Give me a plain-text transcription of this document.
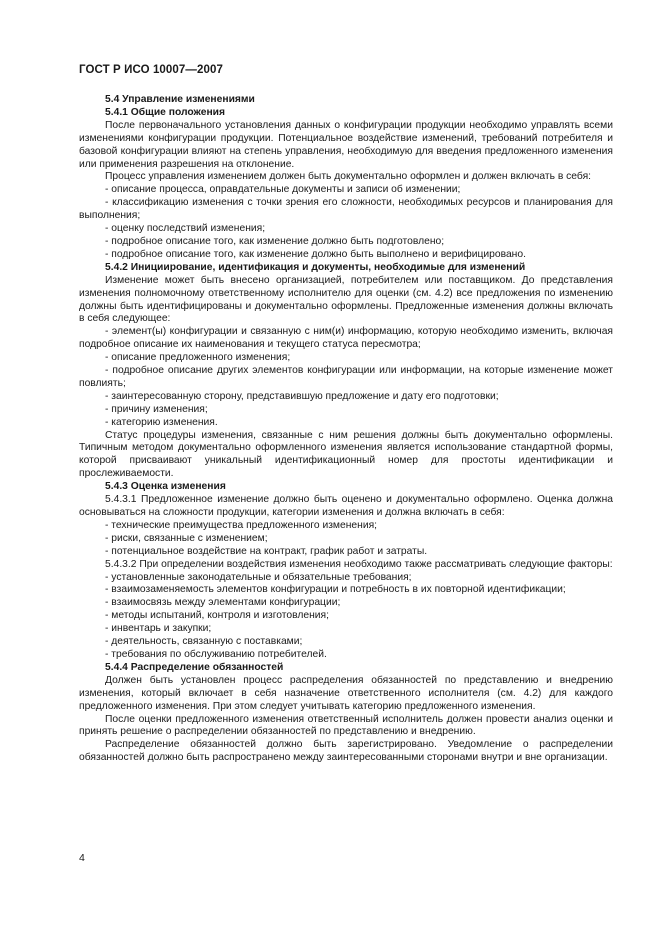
ГОСТ Р ИСО 10007—2007

5.4 Управление изменениями

5.4.1 Общие положения

После первоначального установления данных о конфигурации продукции необходимо управлять всеми изменениями конфигурации продукции. Потенциальное воздействие изменений, требований потребителя и базовой конфигурации влияют на степень управления, необходимую для введения предложенного изменения или применения разрешения на отклонение.

Процесс управления изменением должен быть документально оформлен и должен включать в себя:

- описание процесса, оправдательные документы и записи об изменении;

- классификацию изменения с точки зрения его сложности, необходимых ресурсов и планирования для выполнения;

- оценку последствий изменения;

- подробное описание того, как изменение должно быть подготовлено;

- подробное описание того, как изменение должно быть выполнено и верифицировано.

5.4.2 Инициирование, идентификация и документы, необходимые для изменений

Изменение может быть внесено организацией, потребителем или поставщиком. До представления изменения полномочному ответственному исполнителю для оценки (см. 4.2) все предложения по изменению должны быть идентифицированы и документально оформлены. Предложенные изменения должны включать в себя следующее:

- элемент(ы) конфигурации и связанную с ним(и) информацию, которую необходимо изменить, включая подробное описание их наименования и текущего статуса пересмотра;

- описание предложенного изменения;

- подробное описание других элементов конфигурации или информации, на которые изменение может повлиять;

- заинтересованную сторону, представившую предложение и дату его подготовки;

- причину изменения;

- категорию изменения.

Статус процедуры изменения, связанные с ним решения должны быть документально оформлены. Типичным методом документально оформленного изменения является использование стандартной формы, которой присваивают уникальный идентификационный номер для простоты идентификации и прослеживаемости.

5.4.3 Оценка изменения

5.4.3.1 Предложенное изменение должно быть оценено и документально оформлено. Оценка должна основываться на сложности продукции, категории изменения и должна включать в себя:

- технические преимущества предложенного изменения;

- риски, связанные с изменением;

- потенциальное воздействие на контракт, график работ и затраты.

5.4.3.2 При определении воздействия изменения необходимо также рассматривать следующие факторы:

- установленные законодательные и обязательные требования;

- взаимозаменяемость элементов конфигурации и потребность в их повторной идентификации;

- взаимосвязь между элементами конфигурации;

- методы испытаний, контроля и изготовления;

- инвентарь и закупки;

- деятельность, связанную с поставками;

- требования по обслуживанию потребителей.

5.4.4 Распределение обязанностей

Должен быть установлен процесс распределения обязанностей по представлению и внедрению изменения, который включает в себя назначение ответственного исполнителя (см. 4.2) для каждого предложенного изменения. При этом следует учитывать категорию предложенного изменения.

После оценки предложенного изменения ответственный исполнитель должен провести анализ оценки и принять решение о распределении обязанностей по представлению и внедрению.

Распределение обязанностей должно быть зарегистрировано. Уведомление о распределении обязанностей должно быть распространено между заинтересованными сторонами внутри и вне организации.

4
